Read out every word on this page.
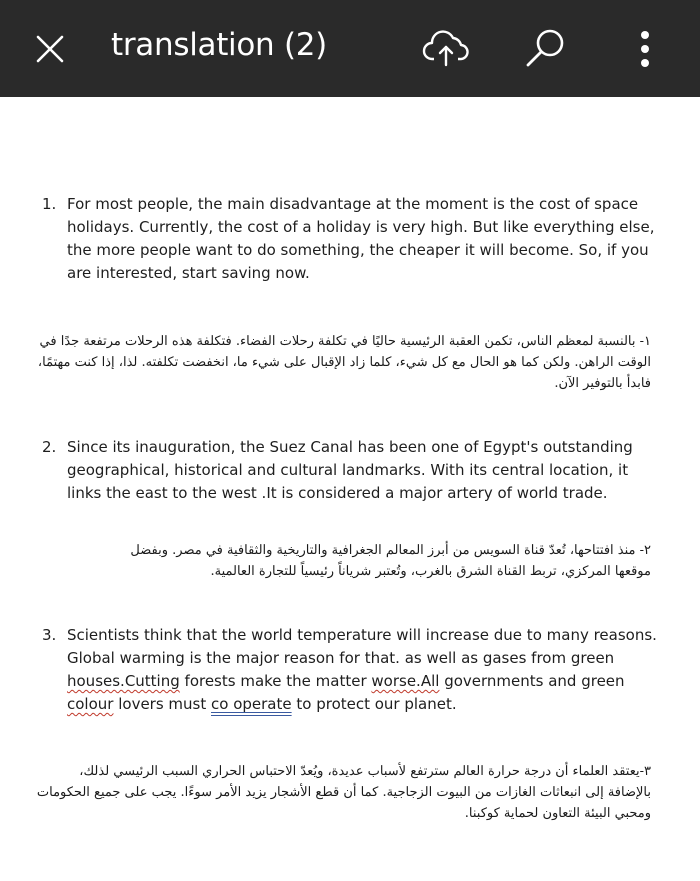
translation (2)
1. For most people, the main disadvantage at the moment is the cost of space holidays. Currently, the cost of a holiday is very high. But like everything else, the more people want to do something, the cheaper it will become. So, if you are interested, start saving now.
١- بالنسبة لمعظم الناس، تكمن العقبة الرئيسية حاليًا في تكلفة رحلات الفضاء. فتكلفة هذه الرحلات مرتفعة جدًا في الوقت الراهن. ولكن كما هو الحال مع كل شيء، كلما زاد الإقبال على شيء ما، انخفضت تكلفته. لذا، إذا كنت مهتمًا، فابدأ بالتوفير الآن.
2. Since its inauguration, the Suez Canal has been one of Egypt's outstanding geographical, historical and cultural landmarks. With its central location, it links the east to the west .It is considered a major artery of world trade.
٢- منذ افتتاحها، تُعدّ قناة السويس من أبرز المعالم الجغرافية والتاريخية والثقافية في مصر. وبفضل موقعها المركزي، تربط القناة الشرق بالغرب، وتُعتبر شرياناً رئيسياً للتجارة العالمية.
3. Scientists think that the world temperature will increase due to many reasons. Global warming is the major reason for that. as well as gases from green houses.Cutting forests make the matter worse.All governments and green colour lovers must co operate to protect our planet.
٣-يعتقد العلماء أن درجة حرارة العالم سترتفع لأسباب عديدة، ويُعدّ الاحتباس الحراري السبب الرئيسي لذلك، بالإضافة إلى انبعاثات الغازات من البيوت الزجاجية. كما أن قطع الأشجار يزيد الأمر سوءًا. يجب على جميع الحكومات ومحبي البيئة التعاون لحماية كوكبنا.
